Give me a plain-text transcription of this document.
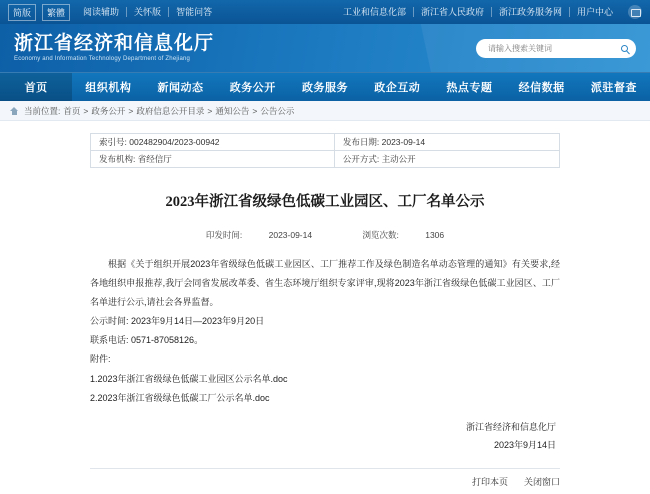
简版	繁體	阅读辅助	关怀版	智能问答	工业和信息化部	浙江省人民政府	浙江政务服务网	用户中心
浙江省经济和信息化厅
Economy and Information Technology Department of Zhejiang
请输入搜索关键词
首页	组织机构	新闻动态	政务公开	政务服务	政企互动	热点专题	经信数据	派驻督查
当前位置: 首页 > 政务公开 > 政府信息公开目录 > 通知公告 > 公告公示
索引号: 002482904/2023-00942	发布日期: 2023-09-14
发布机构: 省经信厅	公开方式: 主动公开
2023年浙江省级绿色低碳工业园区、工厂名单公示
印发时间:	2023-09-14	浏览次数:	1306

根据《关于组织开展2023年省级绿色低碳工业园区、工厂推荐工作及绿色制造名单动态管理的通知》有关要求,经各地组织申报推荐,我厅会同省发展改革委、省生态环境厅组织专家评审,现将2023年浙江省级绿色低碳工业园区、工厂名单进行公示,请社会各界监督。

公示时间: 2023年9月14日—2023年9月20日

联系电话: 0571-87058126。

附件:

1.2023年浙江省级绿色低碳工业园区公示名单.doc

2.2023年浙江省级绿色低碳工厂公示名单.doc

浙江省经济和信息化厅
2023年9月14日
打印本页 关闭窗口
